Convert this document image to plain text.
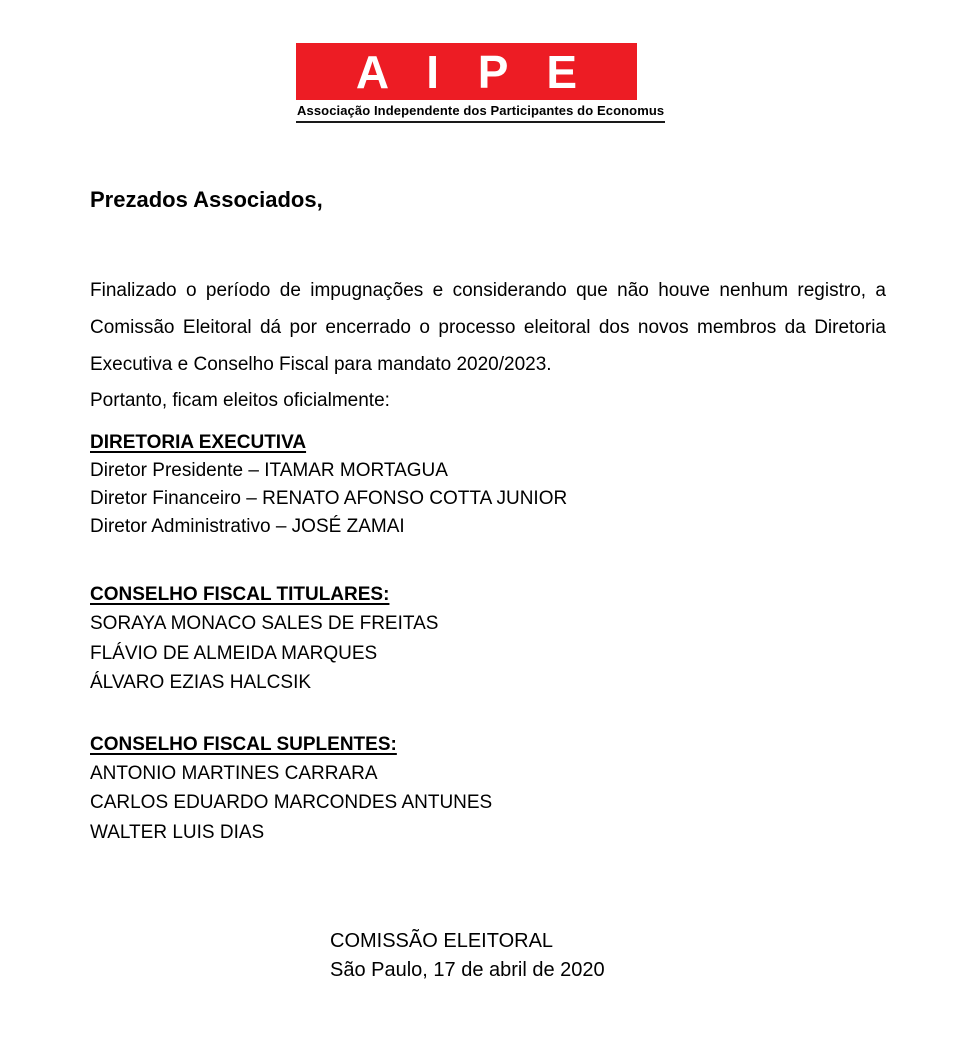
A I P E
Associação Independente dos Participantes do Economus
Prezados Associados,
Finalizado o período de impugnações e considerando que não houve nenhum registro, a Comissão Eleitoral dá por encerrado o processo eleitoral dos novos membros da Diretoria Executiva e Conselho Fiscal para mandato 2020/2023.
Portanto, ficam eleitos oficialmente:
DIRETORIA EXECUTIVA
Diretor Presidente – ITAMAR MORTAGUA
Diretor Financeiro – RENATO AFONSO COTTA JUNIOR
Diretor Administrativo – JOSÉ ZAMAI
CONSELHO FISCAL TITULARES:
SORAYA MONACO SALES DE FREITAS
FLÁVIO DE ALMEIDA MARQUES
ÁLVARO EZIAS HALCSIK
CONSELHO FISCAL SUPLENTES:
ANTONIO MARTINES CARRARA
CARLOS EDUARDO MARCONDES ANTUNES
WALTER LUIS DIAS
COMISSÃO ELEITORAL
São Paulo, 17 de abril de 2020
